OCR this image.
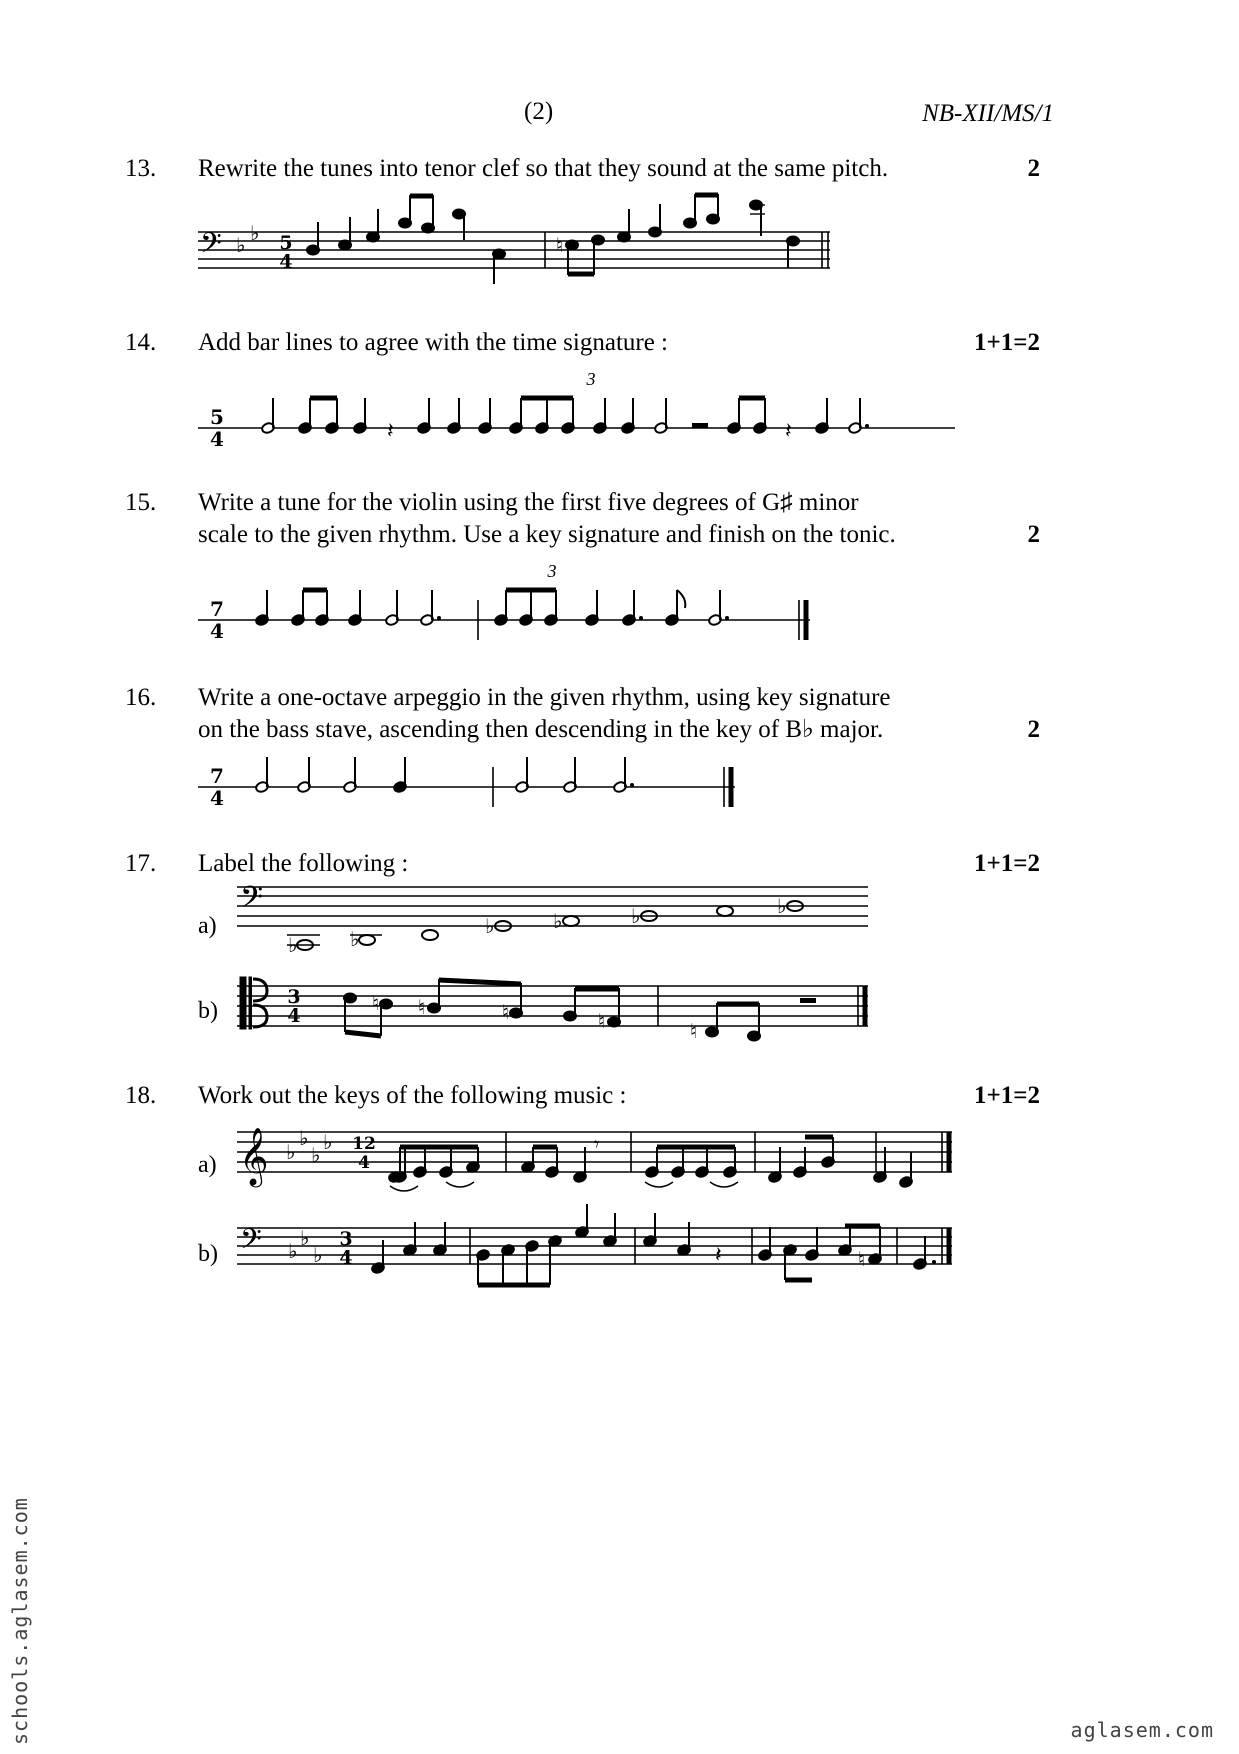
(2)	NB-XII/MS/1
13. Rewrite the tunes into tenor clef so that they sound at the same pitch.	2
14. Add bar lines to agree with the time signature :	1+1=2
15. Write a tune for the violin using the first five degrees of G♯ minor
scale to the given rhythm. Use a key signature and finish on the tonic.	2
16. Write a one-octave arpeggio in the given rhythm, using key signature
on the bass stave, ascending then descending in the key of B♭ major.	2
17. Label the following :	1+1=2
a)
b)
18. Work out the keys of the following music :	1+1=2
a)
b)
𝄢 ♭
♭ 5
4
♮
5
4
3
𝄽	𝄽
7
4
3
7
4
𝄢
♭	♭
♭	♭	♭	♭
3
4
♮ ♮	♮	♮	♮
𝄞 ♭
♭
♭
♭ 12
4
𝄾
𝄢 ♭
♭
♭
3
4	𝄽	♮
schools.aglasem.com	aglasem.com
